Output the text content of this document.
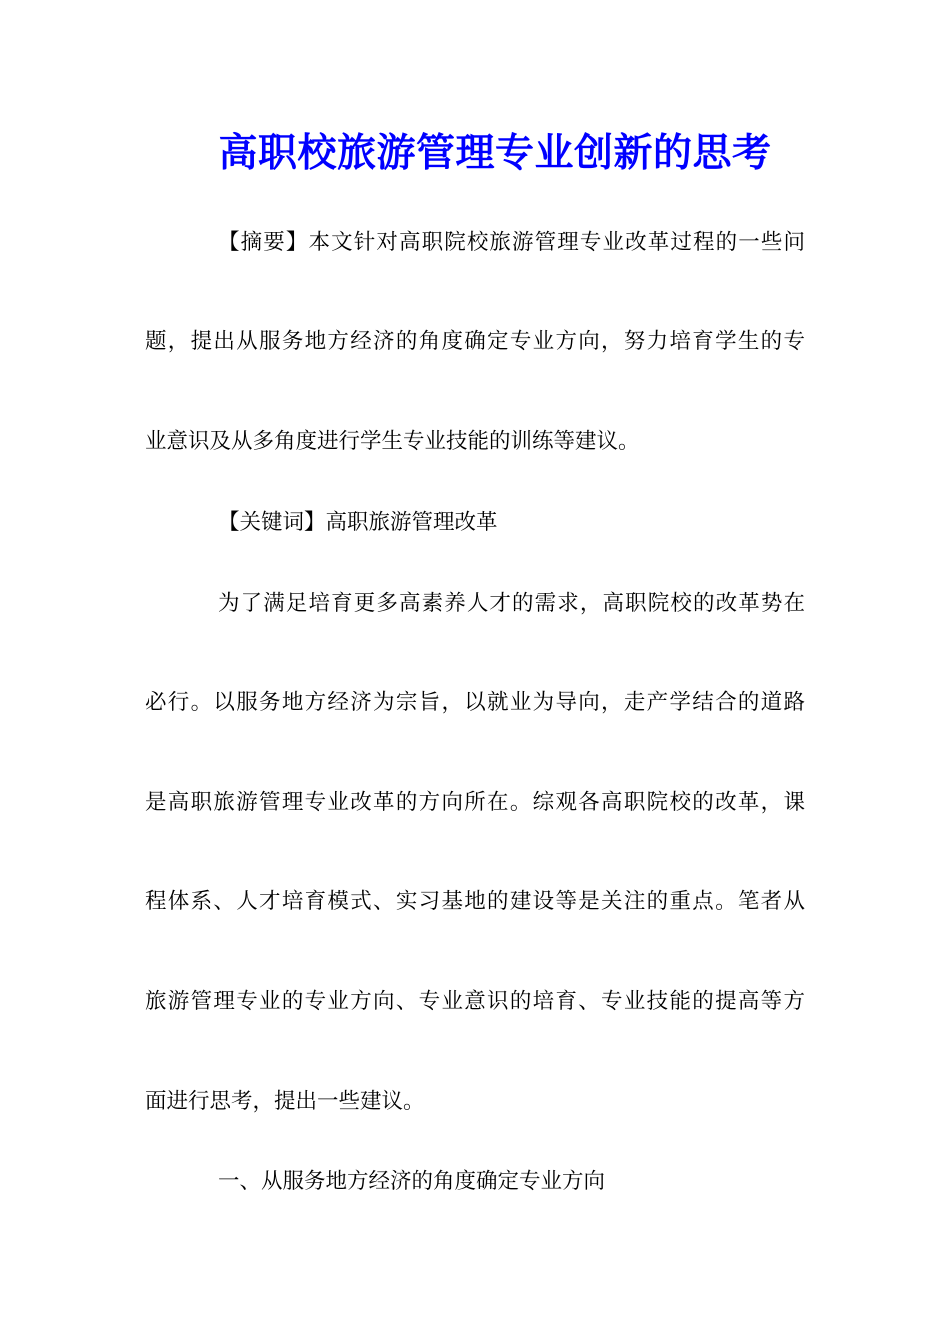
高职校旅游管理专业创新的思考

【摘要】本文针对高职院校旅游管理专业改革过程的一些问

题，提出从服务地方经济的角度确定专业方向，努力培育学生的专

业意识及从多角度进行学生专业技能的训练等建议。

【关键词】高职旅游管理改革

为了满足培育更多高素养人才的需求，高职院校的改革势在

必行。以服务地方经济为宗旨，以就业为导向，走产学结合的道路

是高职旅游管理专业改革的方向所在。综观各高职院校的改革，课

程体系、人才培育模式、实习基地的建设等是关注的重点。笔者从

旅游管理专业的专业方向、专业意识的培育、专业技能的提高等方

面进行思考，提出一些建议。

一、从服务地方经济的角度确定专业方向
